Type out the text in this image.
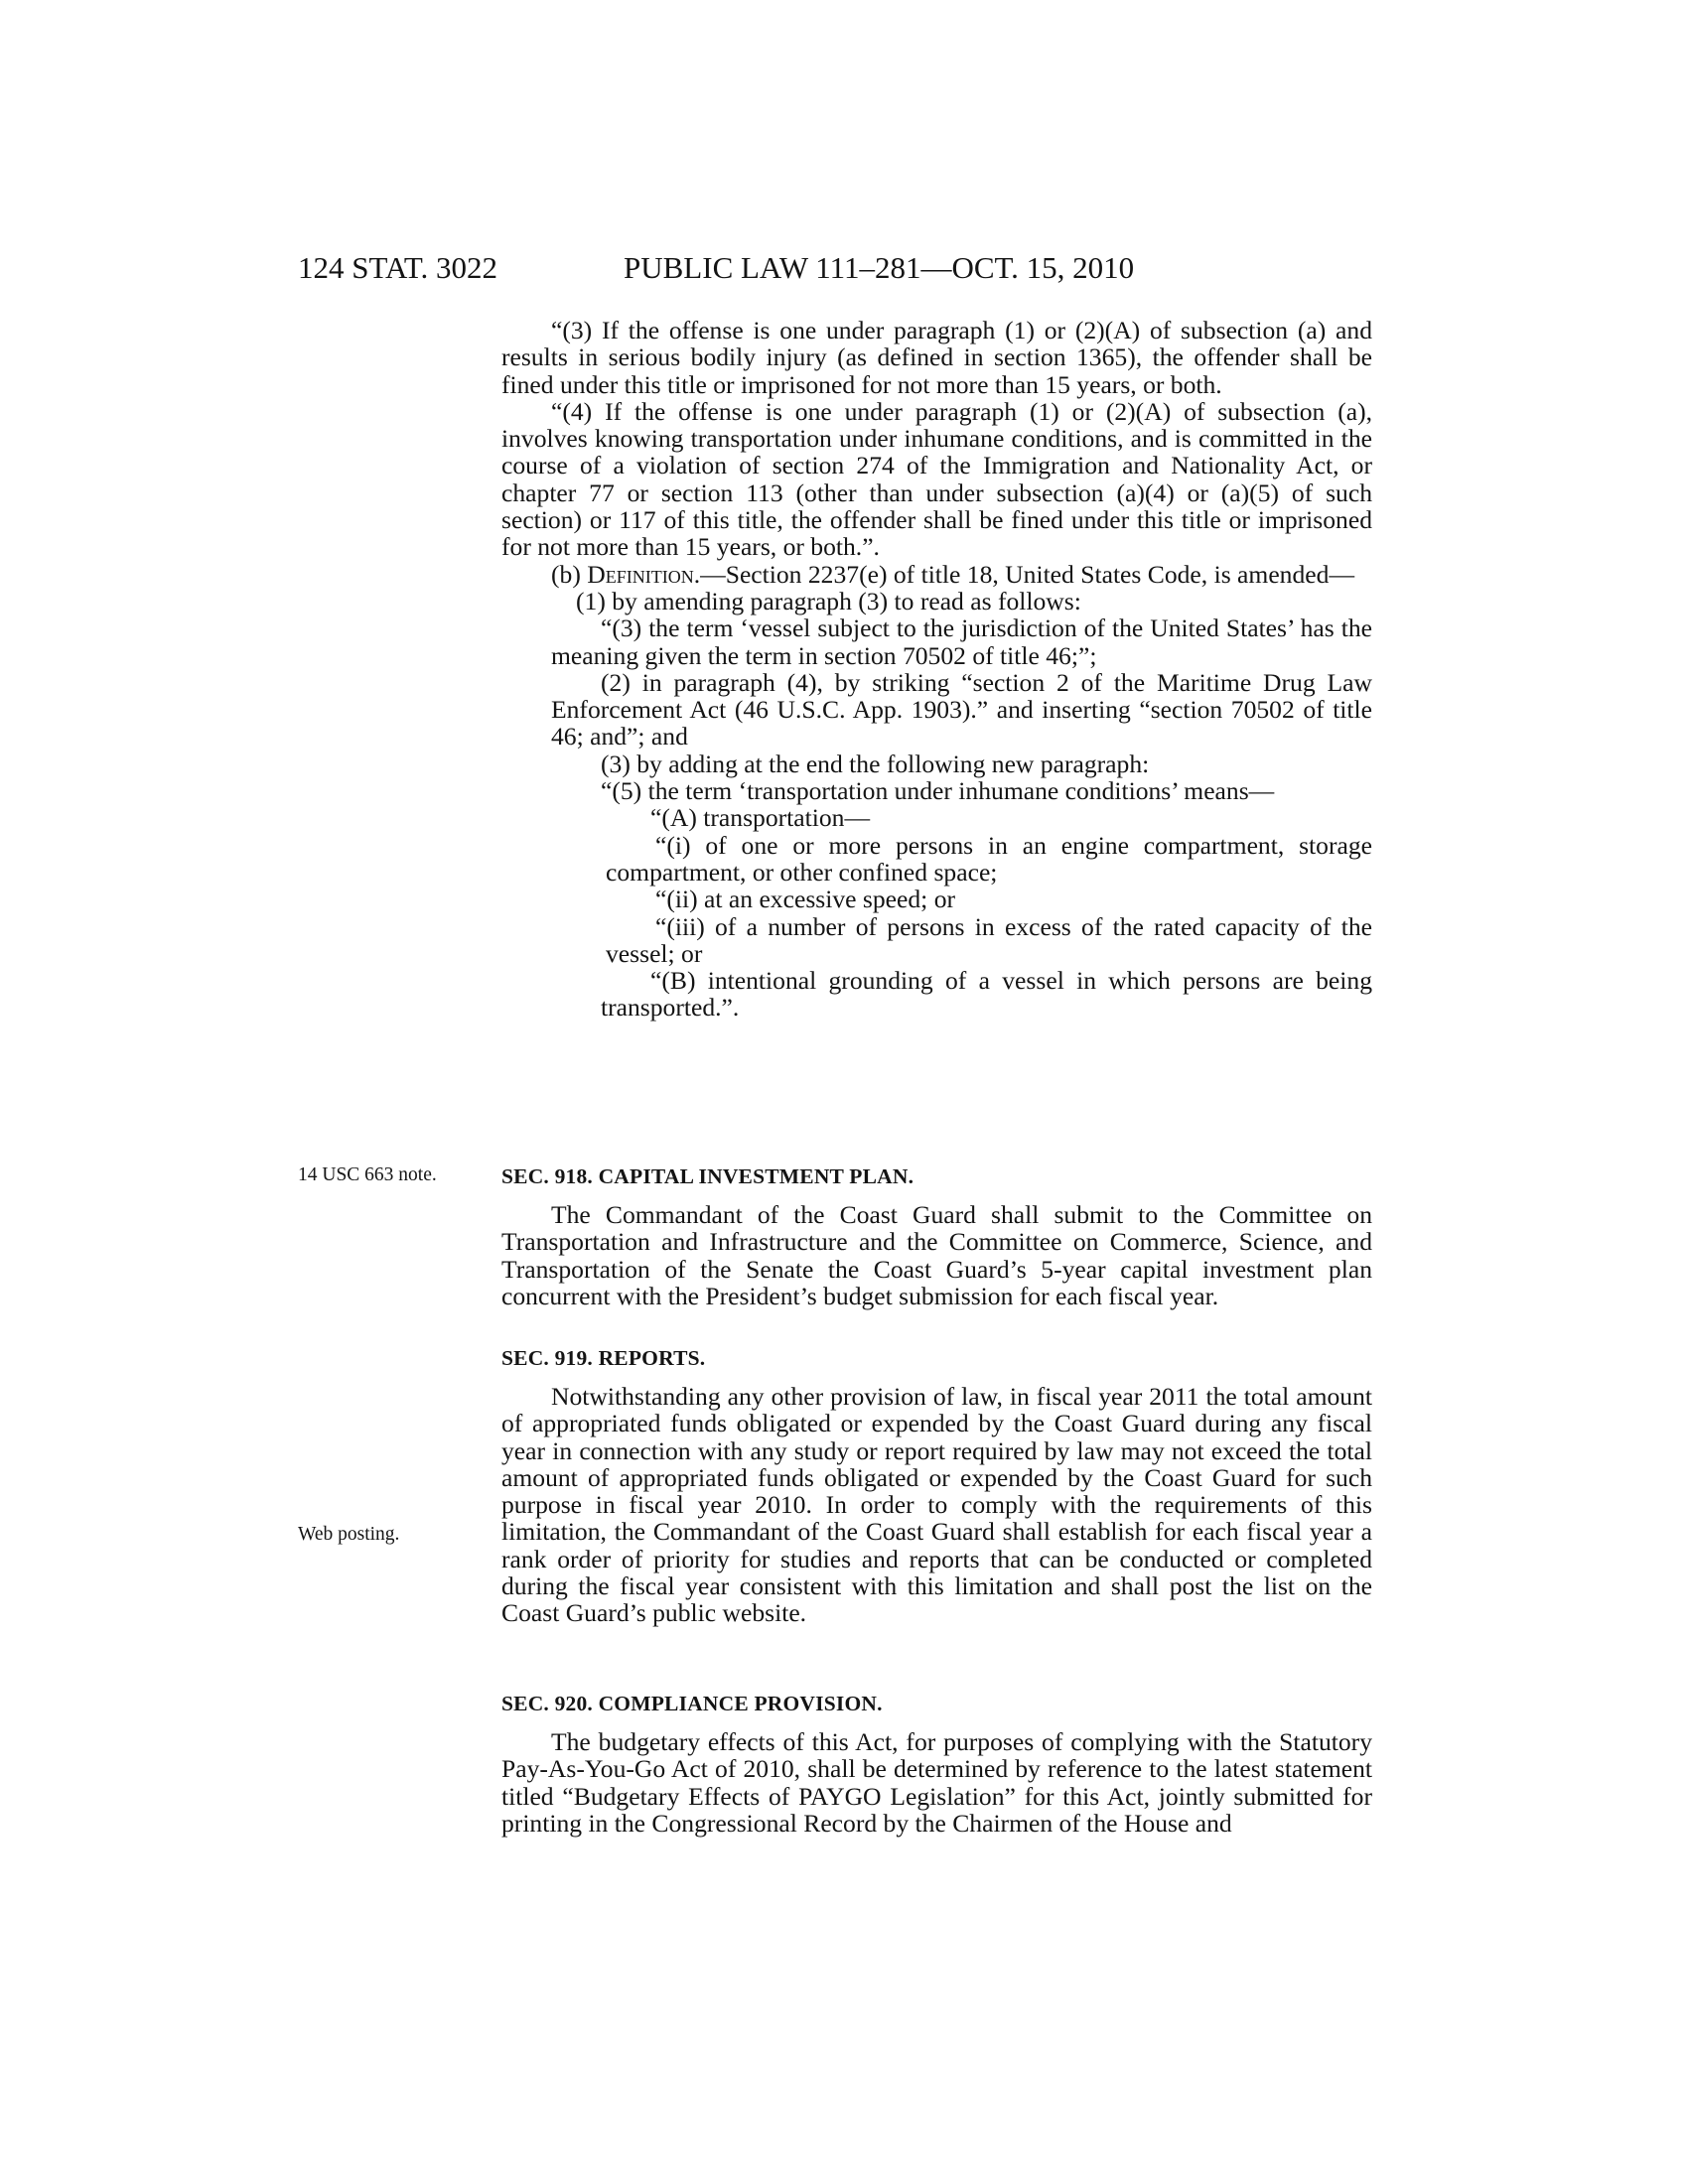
124 STAT. 3022	PUBLIC LAW 111–281—OCT. 15, 2010

“(3) If the offense is one under paragraph (1) or (2)(A) of subsection (a) and results in serious bodily injury (as defined in section 1365), the offender shall be fined under this title or imprisoned for not more than 15 years, or both.

“(4) If the offense is one under paragraph (1) or (2)(A) of subsection (a), involves knowing transportation under inhumane conditions, and is committed in the course of a violation of section 274 of the Immigration and Nationality Act, or chapter 77 or section 113 (other than under subsection (a)(4) or (a)(5) of such section) or 117 of this title, the offender shall be fined under this title or imprisoned for not more than 15 years, or both.”.

(b) Definition.—Section 2237(e) of title 18, United States Code, is amended—

(1) by amending paragraph (3) to read as follows:

“(3) the term ‘vessel subject to the jurisdiction of the United States’ has the meaning given the term in section 70502 of title 46;”;

(2) in paragraph (4), by striking “section 2 of the Maritime Drug Law Enforcement Act (46 U.S.C. App. 1903).” and inserting “section 70502 of title 46; and”; and

(3) by adding at the end the following new paragraph:

“(5) the term ‘transportation under inhumane conditions’ means—

“(A) transportation—

“(i) of one or more persons in an engine compartment, storage compartment, or other confined space;

“(ii) at an excessive speed; or

“(iii) of a number of persons in excess of the rated capacity of the vessel; or

“(B) intentional grounding of a vessel in which persons are being transported.”.

14 USC 663 note.
Web posting.

SEC. 918. CAPITAL INVESTMENT PLAN.

The Commandant of the Coast Guard shall submit to the Committee on Transportation and Infrastructure and the Committee on Commerce, Science, and Transportation of the Senate the Coast Guard’s 5-year capital investment plan concurrent with the President’s budget submission for each fiscal year.

SEC. 919. REPORTS.

Notwithstanding any other provision of law, in fiscal year 2011 the total amount of appropriated funds obligated or expended by the Coast Guard during any fiscal year in connection with any study or report required by law may not exceed the total amount of appropriated funds obligated or expended by the Coast Guard for such purpose in fiscal year 2010. In order to comply with the requirements of this limitation, the Commandant of the Coast Guard shall establish for each fiscal year a rank order of priority for studies and reports that can be conducted or completed during the fiscal year consistent with this limitation and shall post the list on the Coast Guard’s public website.

SEC. 920. COMPLIANCE PROVISION.

The budgetary effects of this Act, for purposes of complying with the Statutory Pay-As-You-Go Act of 2010, shall be determined by reference to the latest statement titled “Budgetary Effects of PAYGO Legislation” for this Act, jointly submitted for printing in the Congressional Record by the Chairmen of the House and
